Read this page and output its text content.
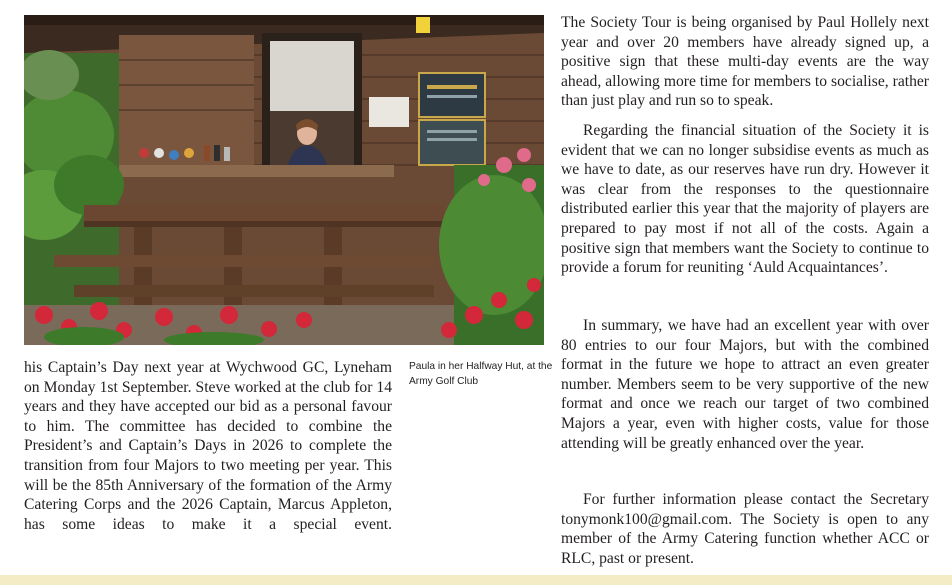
his Captain’s Day next year at Wychwood GC, Lyneham on Monday 1st September. Steve worked at the club for 14 years and they have accepted our bid as a personal favour to him. The committee has decided to combine the President’s and Captain’s Days in 2026 to complete the transition from four Majors to two meeting per year. This will be the 85th Anniversary of the formation of the Army Catering Corps and the 2026 Captain, Marcus Appleton, has some ideas to make it a special event.

Paula in her Halfway Hut, at the Army Golf Club

The Society Tour is being organised by Paul Hollely next year and over 20 members have already signed up, a positive sign that these multi-day events are the way ahead, allowing more time for members to socialise, rather than just play and run so to speak.

Regarding the financial situation of the Society it is evident that we can no longer subsidise events as much as we have to date, as our reserves have run dry. However it was clear from the responses to the questionnaire distributed earlier this year that the majority of players are prepared to pay most if not all of the costs. Again a positive sign that members want the Society to continue to provide a forum for reuniting ‘Auld Acquaintances’.

In summary, we have had an excellent year with over 80 entries to our four Majors, but with the combined format in the future we hope to attract an even greater number. Members seem to be very supportive of the new format and once we reach our target of two combined Majors a year, even with higher costs, value for those attending will be greatly enhanced over the year.

For further information please contact the Secretary tonymonk100@gmail.com. The Society is open to any member of the Army Catering function whether ACC or RLC, past or present.
